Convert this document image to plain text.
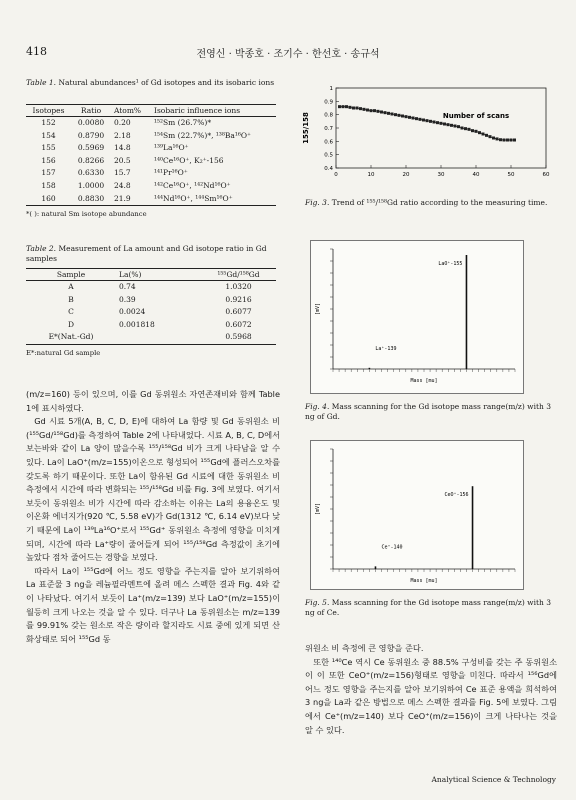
418	전영신 · 박종호 · 조기수 · 한선호 · 송규석
Table 1. Natural abundances¹ of Gd isotopes and its isobaric ions
Isotopes	Ratio	Atom%	Isobaric influence ions
152	0.0080	0.20	¹⁵²Sm (26.7%)*
154	0.8790	2.18	¹⁵⁴Sm (22.7%)*, ¹³⁸Ba¹⁶O⁺
155	0.5969	14.8	¹³⁹La¹⁶O⁺
156	0.8266	20.5	¹⁴⁰Ce¹⁶O⁺, K₂⁺-156
157	0.6330	15.7	¹⁴¹Pr¹⁶O⁺
158	1.0000	24.8	¹⁴²Ce¹⁶O⁺, ¹⁴²Nd¹⁶O⁺
160	0.8830	21.9	¹⁴⁴Nd¹⁶O⁺, ¹⁴⁴Sm¹⁶O⁺
*( ): natural Sm isotope abundance
Table 2. Measurement of La amount and Gd isotope ratio in Gd samples
Sample	La(%)	¹⁵⁵Gd/¹⁵⁸Gd
A	0.74	1.0320
B	0.39	0.9216
C	0.0024	0.6077
D	0.001818	0.6072
E*(Nat.-Gd)		0.5968
E*:natural Gd sample

(m/z=160) 등이 있으며, 이를 Gd 동위원소 자연존재비와 함께 Table 1에 표시하였다.

Gd 시료 5개(A, B, C, D, E)에 대하여 La 함량 및 Gd 동위원소 비(¹⁵⁵Gd/¹⁵⁸Gd)를 측정하여 Table 2에 나타내었다. 시료 A, B, C, D에서 보는바와 같이 La 양이 많을수록 ¹⁵⁵/¹⁵⁸Gd 비가 크게 나타남을 알 수 있다. La이 LaO⁺(m/z=155)이온으로 형성되어 ¹⁵⁵Gd에 플러스오차를 갖도록 하기 때문이다. 또한 La이 함유된 Gd 시료에 대한 동위원소 비 측정에서 시간에 따라 변화되는 ¹⁵⁵/¹⁵⁸Gd 비를 Fig. 3에 보였다. 여기서 보듯이 동위원소 비가 시간에 따라 감소하는 이유는 La의 용융온도 및 이온화 에너지가(920 ℃, 5.58 eV)가 Gd(1312 ℃, 6.14 eV)보다 낮기 때문에 La이 ¹³⁹La¹⁶O⁺로서 ¹⁵⁵Gd⁺ 동위원소 측정에 영향을 미치게 되며, 시간에 따라 La⁺량이 줄어들게 되어 ¹⁵⁵/¹⁵⁸Gd 측정값이 초기에 높았다 점차 줄어드는 경향을 보였다.

따라서 La이 ¹⁵⁵Gd에 어느 정도 영향을 주는지를 알아 보기위하여 La 표준물 3 ng을 레늄필라멘트에 올려 메스 스펙한 결과 Fig. 4와 같이 나타났다. 여기서 보듯이 La⁺(m/z=139) 보다 LaO⁺(m/z=155)이 월등히 크게 나오는 것을 알 수 있다. 더구나 La 동위원소는 m/z=139를 99.91% 갖는 원소로 작은 량이라 할지라도 시료 중에 있게 되면 산화상태로 되어 ¹⁵⁵Gd 동

0.4
0.5
0.6
0.7
0.8
0.9
1
0	10	20	30	40	50	60
155/158	Number of scans
Fig. 3. Trend of ¹⁵⁵/¹⁵⁸Gd ratio according to the measuring time.
[mV]
Mass [mu]
La⁺-139
LaO⁺-155
Fig. 4. Mass scanning for the Gd isotope mass range(m/z) with 3 ng of Gd.
[mV]
Mass [mu]
Ce⁺-140
CeO⁺-156
Fig. 5. Mass scanning for the Gd isotope mass range(m/z) with 3 ng of Ce.

위원소 비 측정에 큰 영향을 준다.

또한 ¹⁴⁰Ce 역시 Ce 동위원소 중 88.5% 구성비를 갖는 주 동위원소이 이 또한 CeO⁺(m/z=156)형태로 영향을 미친다. 따라서 ¹⁵⁶Gd에 어느 정도 영향을 주는지를 알아 보기위하여 Ce 표준 용액을 희석하여 3 ng을 La과 같은 방법으로 메스 스펙한 결과를 Fig. 5에 보였다. 그림에서 Ce⁺(m/z=140) 보다 CeO⁺(m/z=156)이 크게 나타나는 것을 알 수 있다.

Analytical Science & Technology
